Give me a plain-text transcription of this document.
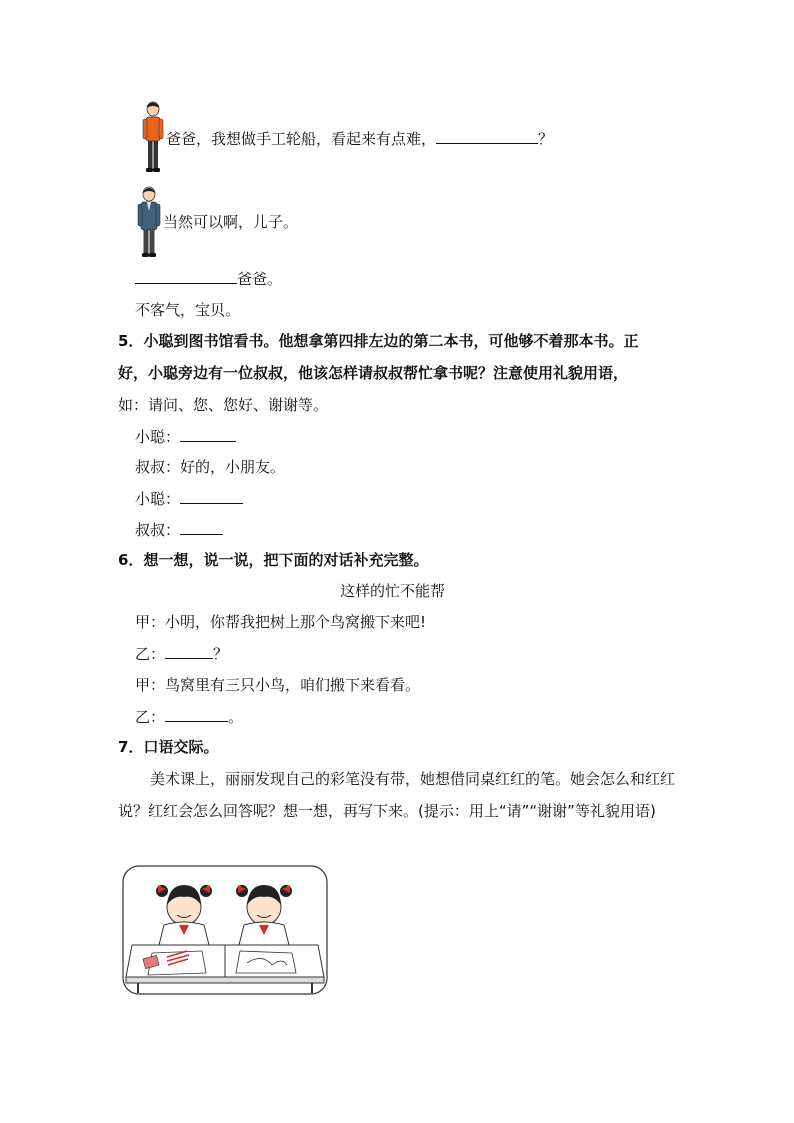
爸爸，我想做手工轮船，看起来有点难，	？
当然可以啊，儿子。
爸爸。
不客气，宝贝。
5．小聪到图书馆看书。他想拿第四排左边的第二本书，可他够不着那本书。正
好，小聪旁边有一位叔叔，他该怎样请叔叔帮忙拿书呢？注意使用礼貌用语，
如：请问、您、您好、谢谢等。
小聪：
叔叔：好的，小朋友。
小聪：
叔叔：
6．想一想，说一说，把下面的对话补充完整。
这样的忙不能帮
甲：小明，你帮我把树上那个鸟窝搬下来吧!
乙：	？
甲：鸟窝里有三只小鸟，咱们搬下来看看。
乙：	。
7．口语交际。
美术课上，丽丽发现自己的彩笔没有带，她想借同桌红红的笔。她会怎么和红红说？红红会怎么回答呢？想一想，再写下来。(提示：用上“请”“谢谢”等礼貌用语)
